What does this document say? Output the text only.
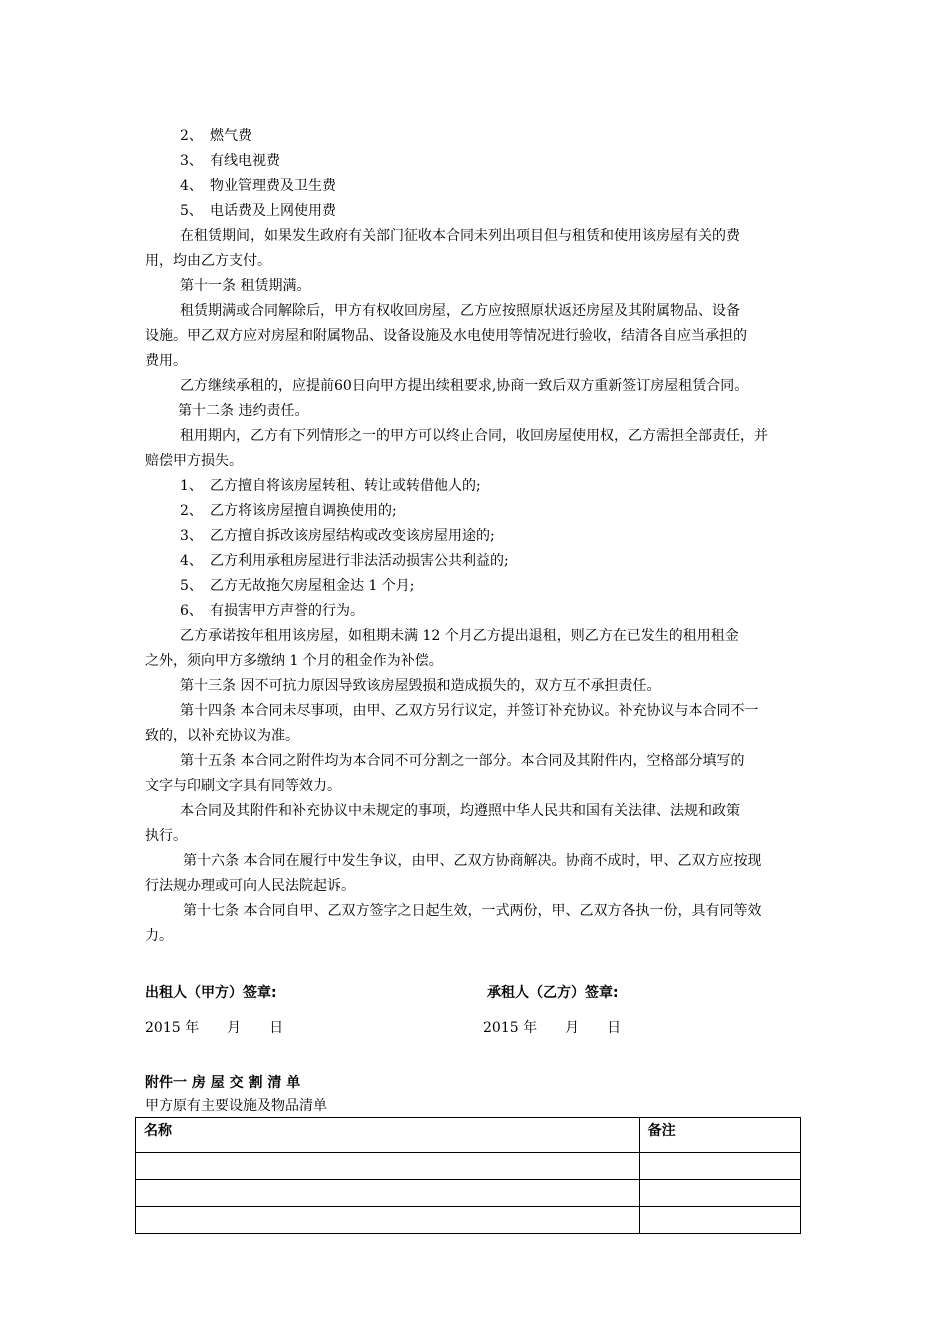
2、 燃气费
3、 有线电视费
4、 物业管理费及卫生费
5、 电话费及上网使用费
在租赁期间，如果发生政府有关部门征收本合同未列出项目但与租赁和使用该房屋有关的费
用，均由乙方支付。
第十一条 租赁期满。
租赁期满或合同解除后，甲方有权收回房屋，乙方应按照原状返还房屋及其附属物品、设备
设施。甲乙双方应对房屋和附属物品、设备设施及水电使用等情况进行验收，结清各自应当承担的
费用。
乙方继续承租的，应提前60日向甲方提出续租要求,协商一致后双方重新签订房屋租赁合同。
第十二条 违约责任。
租用期内，乙方有下列情形之一的甲方可以终止合同，收回房屋使用权，乙方需担全部责任，并
赔偿甲方损失。
1、 乙方擅自将该房屋转租、转让或转借他人的;
2、 乙方将该房屋擅自调换使用的;
3、 乙方擅自拆改该房屋结构或改变该房屋用途的;
4、 乙方利用承租房屋进行非法活动损害公共利益的;
5、 乙方无故拖欠房屋租金达 1 个月;
6、 有损害甲方声誉的行为。
乙方承诺按年租用该房屋，如租期未满 12 个月乙方提出退租，则乙方在已发生的租用租金
之外，须向甲方多缴纳 1 个月的租金作为补偿。
第十三条 因不可抗力原因导致该房屋毁损和造成损失的，双方互不承担责任。
第十四条 本合同未尽事项，由甲、乙双方另行议定，并签订补充协议。补充协议与本合同不一
致的，以补充协议为准。
第十五条 本合同之附件均为本合同不可分割之一部分。本合同及其附件内，空格部分填写的
文字与印刷文字具有同等效力。
本合同及其附件和补充协议中未规定的事项，均遵照中华人民共和国有关法律、法规和政策
执行。
第十六条 本合同在履行中发生争议，由甲、乙双方协商解决。协商不成时，甲、乙双方应按现
行法规办理或可向人民法院起诉。
第十七条 本合同自甲、乙双方签字之日起生效，一式两份，甲、乙双方各执一份，具有同等效
力。
出租人（甲方）签章:	承租人（乙方）签章:
2015 年　　月　　日	2015 年　　月　　日
附件一 房 屋 交 割 清 单
甲方原有主要设施及物品清单
名称	备注
